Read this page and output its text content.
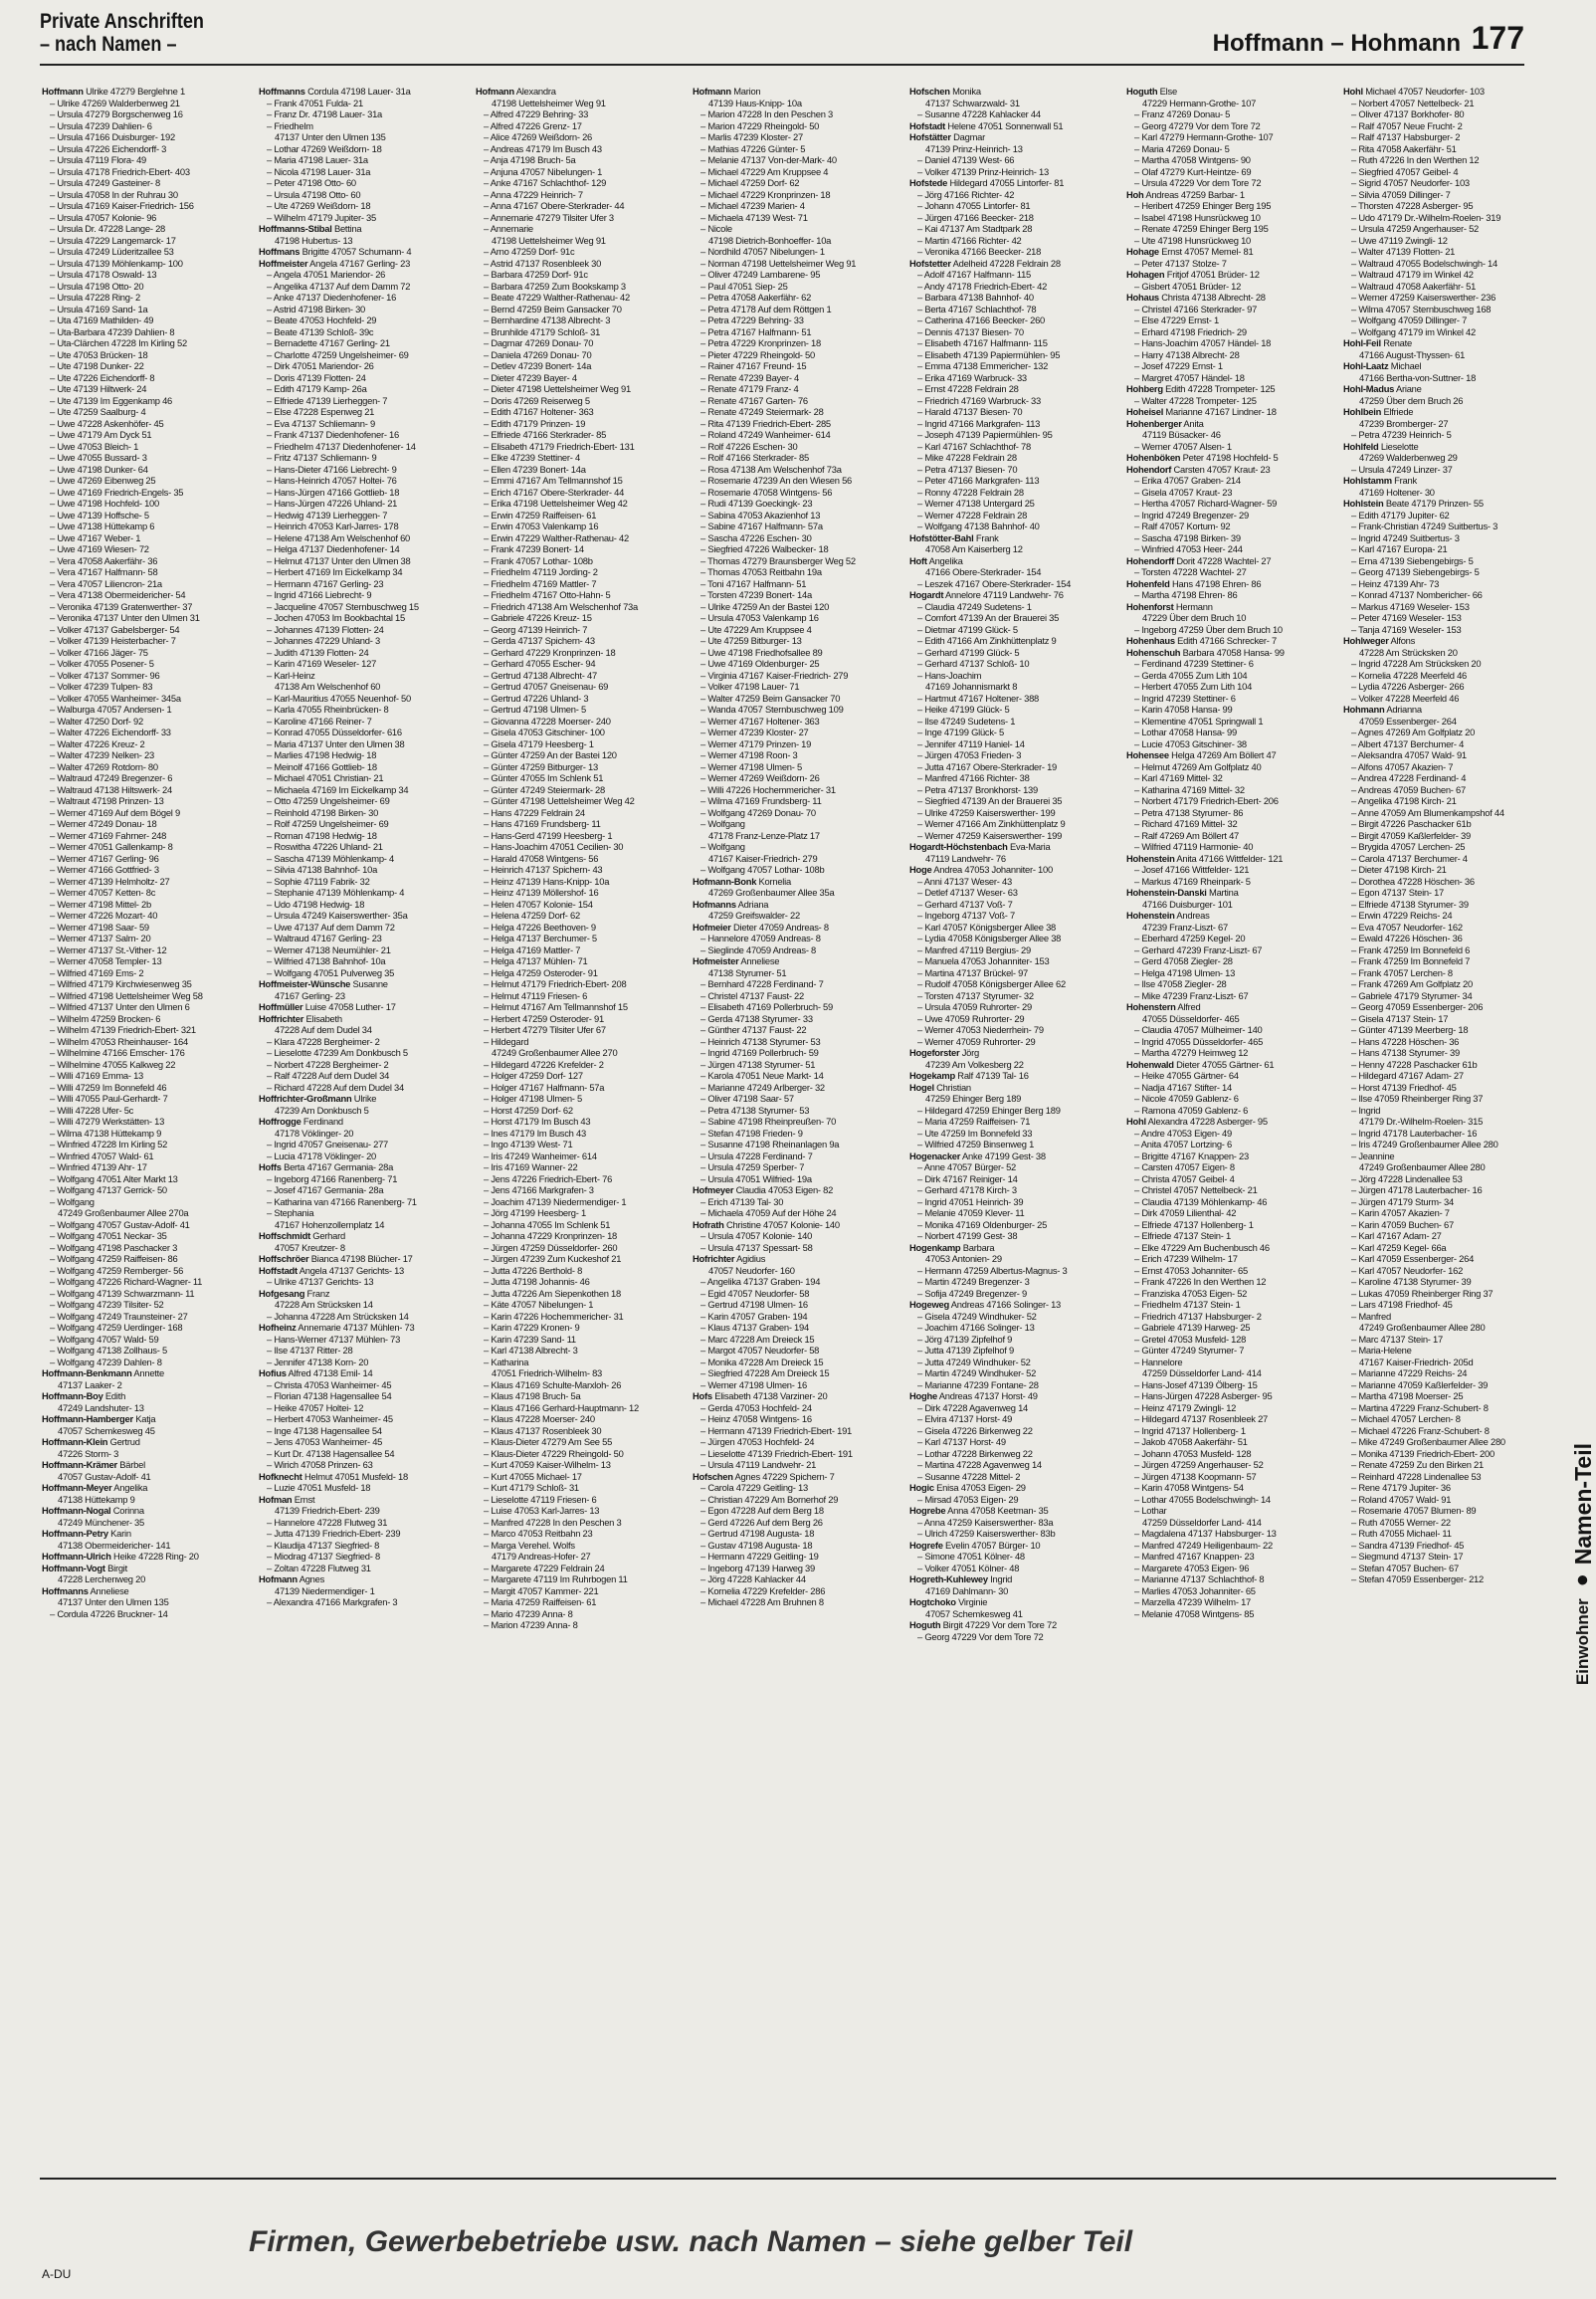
Private Anschriften
– nach Namen –	Hoffmann – Hohmann 177
Hoffmann Ulrike 47279 Berglehne 1
– Ulrike 47269 Walderbenweg 21
– Ursula 47279 Borgschenweg 16
– Ursula 47239 Dahlien- 6
– Ursula 47166 Duisburger- 192
– Ursula 47226 Eichendorff- 3
– Ursula 47119 Flora- 49
– Ursula 47178 Friedrich-Ebert- 403
– Ursula 47249 Gasteiner- 8
– Ursula 47058 In der Ruhrau 30
– Ursula 47169 Kaiser-Friedrich- 156
– Ursula 47057 Kolonie- 96
– Ursula Dr. 47228 Lange- 28
– Ursula 47229 Langemarck- 17
– Ursula 47249 Lüderitzallee 53
– Ursula 47139 Möhlenkamp- 100
– Ursula 47178 Oswald- 13
– Ursula 47198 Otto- 20
– Ursula 47228 Ring- 2
– Ursula 47169 Sand- 1a
– Uta 47169 Mathilden- 49
– Uta-Barbara 47239 Dahlien- 8
– Uta-Clärchen 47228 Im Kirling 52
– Ute 47053 Brücken- 18
– Ute 47198 Dunker- 22
– Ute 47226 Eichendorff- 8
– Ute 47139 Hiltwerk- 24
– Ute 47139 Im Eggenkamp 46
– Ute 47259 Saalburg- 4
– Uwe 47228 Askenhöfer- 45
– Uwe 47179 Am Dyck 51
– Uwe 47053 Bleich- 1
– Uwe 47055 Bussard- 3
– Uwe 47198 Dunker- 64
– Uwe 47269 Eibenweg 25
– Uwe 47169 Friedrich-Engels- 35
– Uwe 47198 Hochfeld- 100
– Uwe 47139 Hoffsche- 5
– Uwe 47138 Hüttekamp 6
– Uwe 47167 Weber- 1
– Uwe 47169 Wiesen- 72
– Vera 47058 Aakerfähr- 36
– Vera 47167 Halfmann- 58
– Vera 47057 Liliencron- 21a
– Vera 47138 Obermeidericher- 54
– Veronika 47139 Gratenwerther- 37
– Veronika 47137 Unter den Ulmen 31
– Volker 47137 Gabelsberger- 54
– Volker 47139 Heisterbacher- 7
– Volker 47166 Jäger- 75
– Volker 47055 Posener- 5
– Volker 47137 Sommer- 96
– Volker 47239 Tulpen- 83
– Volker 47055 Wanheimer- 345a
– Walburga 47057 Andersen- 1
– Walter 47250 Dorf- 92
– Walter 47226 Eichendorff- 33
– Walter 47226 Kreuz- 2
– Walter 47239 Nelken- 23
– Walter 47269 Rotdorn- 80
– Waltraud 47249 Bregenzer- 6
– Waltraud 47138 Hiltswerk- 24
– Waltraut 47198 Prinzen- 13
– Werner 47169 Auf dem Bögel 9
– Werner 47249 Donau- 18
– Werner 47169 Fahrner- 248
– Werner 47051 Gallenkamp- 8
– Werner 47167 Gerling- 96
– Werner 47166 Gottfried- 3
– Werner 47139 Helmholtz- 27
– Werner 47057 Ketten- 8c
– Werner 47198 Mittel- 2b
– Werner 47226 Mozart- 40
– Werner 47198 Saar- 59
– Werner 47137 Salm- 20
– Werner 47137 St.-Vither- 12
– Werner 47058 Templer- 13
– Wilfried 47169 Ems- 2
– Wilfried 47179 Kirchwiesenweg 35
– Wilfried 47198 Uettelsheimer Weg 58
– Wilfried 47137 Unter den Ulmen 6
– Wilhelm 47259 Brocken- 6
– Wilhelm 47139 Friedrich-Ebert- 321
– Wilhelm 47053 Rheinhauser- 164
– Wilhelmine 47166 Emscher- 176
– Wilhelmine 47055 Kalkweg 22
– Willi 47169 Emma- 13
– Willi 47259 Im Bonnefeld 46
– Willi 47055 Paul-Gerhardt- 7
– Willi 47228 Ufer- 5c
– Willi 47279 Werkstätten- 13
– Wilma 47138 Hüttekamp 9
– Winfried 47228 Im Kirling 52
– Winfried 47057 Wald- 61
– Winfried 47139 Ahr- 17
– Wolfgang 47051 Alter Markt 13
– Wolfgang 47137 Gerrick- 50
– Wolfgang
47249 Großenbaumer Allee 270a
– Wolfgang 47057 Gustav-Adolf- 41
– Wolfgang 47051 Neckar- 35
– Wolfgang 47198 Paschacker 3
– Wolfgang 47259 Raiffeisen- 86
– Wolfgang 47259 Remberger- 56
– Wolfgang 47226 Richard-Wagner- 11
– Wolfgang 47139 Schwarzmann- 11
– Wolfgang 47239 Tilsiter- 52
– Wolfgang 47249 Traunsteiner- 27
– Wolfgang 47259 Uerdinger- 168
– Wolfgang 47057 Wald- 59
– Wolfgang 47138 Zollhaus- 5
– Wolfgang 47239 Dahlen- 8
Hoffmann-Benkmann Annette
47137 Laaker- 2
Hoffmann-Boy Edith
47249 Landshuter- 13
Hoffmann-Hamberger Katja
47057 Schemkesweg 45
Hoffmann-Klein Gertrud
47226 Storm- 3
Hoffmann-Krämer Bärbel
47057 Gustav-Adolf- 41
Hoffmann-Meyer Angelika
47138 Hüttekamp 9
Hoffmann-Nogal Corinna
47249 Münchener- 35
Hoffmann-Petry Karin
47138 Obermeidericher- 141
Hoffmann-Ulrich Heike 47228 Ring- 20
Hoffmann-Vogt Birgit
47228 Lerchenweg 20
Hoffmanns Anneliese
47137 Unter den Ulmen 135
– Cordula 47226 Bruckner- 14
Hoffmanns Cordula 47198 Lauer- 31a
– Frank 47051 Fulda- 21
– Franz Dr. 47198 Lauer- 31a
– Friedhelm
47137 Unter den Ulmen 135
– Lothar 47269 Weißdorn- 18
– Maria 47198 Lauer- 31a
– Nicola 47198 Lauer- 31a
– Peter 47198 Otto- 60
– Ursula 47198 Otto- 60
– Ute 47269 Weißdorn- 18
– Wilhelm 47179 Jupiter- 35
Hoffmanns-Stibal Bettina
47198 Hubertus- 13
Hoffmans Brigitte 47057 Schumann- 4
Hoffmeister Angela 47167 Gerling- 23
– Angela 47051 Mariendor- 26
– Angelika 47137 Auf dem Damm 72
– Anke 47137 Diedenhofener- 16
– Astrid 47198 Birken- 30
– Beate 47053 Hochfeld- 29
– Beate 47139 Schloß- 39c
– Bernadette 47167 Gerling- 21
– Charlotte 47259 Ungelsheimer- 69
– Dirk 47051 Mariendor- 26
– Doris 47139 Flotten- 24
– Edith 47179 Kamp- 26a
– Elfriede 47139 Lierheggen- 7
– Else 47228 Espenweg 21
– Eva 47137 Schliemann- 9
– Frank 47137 Diedenhofener- 16
– Friedhelm 47137 Diedenhofener- 14
– Fritz 47137 Schliemann- 9
– Hans-Dieter 47166 Liebrecht- 9
– Hans-Heinrich 47057 Holtei- 76
– Hans-Jürgen 47166 Gottlieb- 18
– Hans-Jürgen 47226 Uhland- 21
– Hedwig 47139 Lierheggen- 7
– Heinrich 47053 Karl-Jarres- 178
– Helene 47138 Am Welschenhof 60
– Helga 47137 Diedenhofener- 14
– Helmut 47137 Unter den Ulmen 38
– Herbert 47169 Im Eickelkamp 34
– Hermann 47167 Gerling- 23
– Ingrid 47166 Liebrecht- 9
– Jacqueline 47057 Sternbuschweg 15
– Jochen 47053 Im Bookbachtal 15
– Johannes 47139 Flotten- 24
– Johannes 47229 Uhland- 3
– Judith 47139 Flotten- 24
– Karin 47169 Weseler- 127
– Karl-Heinz
47138 Am Welschenhof 60
– Karl-Mauritius 47055 Neuenhof- 50
– Karla 47055 Rheinbrücken- 8
– Karoline 47166 Reiner- 7
– Konrad 47055 Düsseldorfer- 616
– Maria 47137 Unter den Ulmen 38
– Marlies 47198 Hedwig- 18
– Meinolf 47166 Gottlieb- 18
– Michael 47051 Christian- 21
– Michaela 47169 Im Eickelkamp 34
– Otto 47259 Ungelsheimer- 69
– Reinhold 47198 Birken- 30
– Rolf 47259 Ungelsheimer- 69
– Roman 47198 Hedwig- 18
– Roswitha 47226 Uhland- 21
– Sascha 47139 Möhlenkamp- 4
– Silvia 47138 Bahnhof- 10a
– Sophie 47119 Fabrik- 32
– Stephanie 47139 Möhlenkamp- 4
– Udo 47198 Hedwig- 18
– Ursula 47249 Kaiserswerther- 35a
– Uwe 47137 Auf dem Damm 72
– Waltraud 47167 Gerling- 23
– Werner 47138 Neumühler- 21
– Wilfried 47138 Bahnhof- 10a
– Wolfgang 47051 Pulverweg 35
Hoffmeister-Wünsche Susanne
47167 Gerling- 23
Hoffmüller Luise 47058 Luther- 17
Hoffrichter Elisabeth
47228 Auf dem Dudel 34
– Klara 47228 Bergheimer- 2
– Lieselotte 47239 Am Donkbusch 5
– Norbert 47228 Bergheimer- 2
– Ralf 47228 Auf dem Dudel 34
– Richard 47228 Auf dem Dudel 34
Hoffrichter-Großmann Ulrike
47239 Am Donkbusch 5
Hoffrogge Ferdinand
47178 Vöklinger- 20
– Ingrid 47057 Gneisenau- 277
– Lucia 47178 Vöklinger- 20
Hoffs Berta 47167 Germania- 28a
– Ingeborg 47166 Ranenberg- 71
– Josef 47167 Germania- 28a
– Katharina van 47166 Ranenberg- 71
– Stephania
47167 Hohenzollernplatz 14
Hoffschmidt Gerhard
47057 Kreutzer- 8
Hoffschröer Bianca 47198 Blücher- 17
Hoffstadt Angela 47137 Gerichts- 13
– Ulrike 47137 Gerichts- 13
Hofgesang Franz
47228 Am Strücksken 14
– Johanna 47228 Am Strücksken 14
Hofheinz Annemarie 47137 Mühlen- 73
– Hans-Werner 47137 Mühlen- 73
– Ilse 47137 Ritter- 28
– Jennifer 47138 Korn- 20
Hofius Alfred 47138 Emil- 14
– Christa 47053 Wanheimer- 45
– Florian 47138 Hagensallee 54
– Heike 47057 Holtei- 12
– Herbert 47053 Wanheimer- 45
– Inge 47138 Hagensallee 54
– Jens 47053 Wanheimer- 45
– Kurt Dr. 47138 Hagensallee 54
– Wirich 47058 Prinzen- 63
Hofknecht Helmut 47051 Musfeld- 18
– Luzie 47051 Musfeld- 18
Hofman Ernst
47139 Friedrich-Ebert- 239
– Hannelore 47228 Flutweg 31
– Jutta 47139 Friedrich-Ebert- 239
– Klaudija 47137 Siegfried- 8
– Miodrag 47137 Siegfried- 8
– Zoltan 47228 Flutweg 31
Hofmann Agnes
47139 Niedermendiger- 1
– Alexandra 47166 Markgrafen- 3
Hofmann Alexandra
47198 Uettelsheimer Weg 91
– Alfred 47229 Behring- 33
– Alfred 47226 Grenz- 17
– Alice 47269 Weißdorn- 26
– Andreas 47179 Im Busch 43
– Anja 47198 Bruch- 5a
– Anjuna 47057 Nibelungen- 1
– Anke 47167 Schlachthof- 129
– Anna 47229 Heinrich- 7
– Anna 47167 Obere-Sterkrader- 44
– Annemarie 47279 Tilsiter Ufer 3
– Annemarie
47198 Uettelsheimer Weg 91
– Arno 47259 Dorf- 91c
– Astrid 47137 Rosenbleek 30
– Barbara 47259 Dorf- 91c
– Barbara 47259 Zum Bookskamp 3
– Beate 47229 Walther-Rathenau- 42
– Bernd 47259 Beim Gansacker 70
– Bernhardine 47138 Albrecht- 3
– Brunhilde 47179 Schloß- 31
– Dagmar 47269 Donau- 70
– Daniela 47269 Donau- 70
– Detlev 47239 Bonert- 14a
– Dieter 47239 Bayer- 4
– Dieter 47198 Uettelsheimer Weg 91
– Doris 47269 Reiserweg 5
– Edith 47167 Holtener- 363
– Edith 47179 Prinzen- 19
– Elfriede 47166 Sterkrader- 85
– Elisabeth 47179 Friedrich-Ebert- 131
– Elke 47239 Stettiner- 4
– Ellen 47239 Bonert- 14a
– Emmi 47167 Am Tellmannshof 15
– Erich 47167 Obere-Sterkrader- 44
– Erika 47198 Uettelsheimer Weg 42
– Erwin 47259 Raiffeisen- 61
– Erwin 47053 Valenkamp 16
– Erwin 47229 Walther-Rathenau- 42
– Frank 47239 Bonert- 14
– Frank 47057 Lothar- 108b
– Friedhelm 47119 Jording- 2
– Friedhelm 47169 Mattler- 7
– Friedhelm 47167 Otto-Hahn- 5
– Friedrich 47138 Am Welschenhof 73a
– Gabriele 47226 Kreuz- 15
– Georg 47139 Heinrich- 7
– Gerda 47137 Spichern- 43
– Gerhard 47229 Kronprinzen- 18
– Gerhard 47055 Escher- 94
– Gertrud 47138 Albrecht- 47
– Gertrud 47057 Gneisenau- 69
– Gertrud 47226 Uhland- 3
– Gertrud 47198 Ulmen- 5
– Giovanna 47228 Moerser- 240
– Gisela 47053 Gitschiner- 100
– Gisela 47179 Heesberg- 1
– Günter 47259 An der Bastei 120
– Günter 47259 Bitburger- 13
– Günter 47055 Im Schlenk 51
– Günter 47249 Steiermark- 28
– Günter 47198 Uettelsheimer Weg 42
– Hans 47229 Feldrain 24
– Hans 47169 Frundsberg- 11
– Hans-Gerd 47199 Heesberg- 1
– Hans-Joachim 47051 Cecilien- 30
– Harald 47058 Wintgens- 56
– Heinrich 47137 Spichern- 43
– Heinz 47139 Hans-Knipp- 10a
– Heinz 47139 Möllershof- 16
– Helen 47057 Kolonie- 154
– Helena 47259 Dorf- 62
– Helga 47226 Beethoven- 9
– Helga 47137 Berchumer- 5
– Helga 47169 Mattler- 7
– Helga 47137 Mühlen- 71
– Helga 47259 Osteroder- 91
– Helmut 47179 Friedrich-Ebert- 208
– Helmut 47119 Friesen- 6
– Helmut 47167 Am Tellmannshof 15
– Herbert 47259 Osteroder- 91
– Herbert 47279 Tilsiter Ufer 67
– Hildegard
47249 Großenbaumer Allee 270
– Hildegard 47226 Krefelder- 2
– Holger 47259 Dorf- 127
– Holger 47167 Halfmann- 57a
– Holger 47198 Ulmen- 5
– Horst 47259 Dorf- 62
– Horst 47179 Im Busch 43
– Ines 47179 Im Busch 43
– Ingo 47139 West- 71
– Iris 47249 Wanheimer- 614
– Iris 47169 Wanner- 22
– Jens 47226 Friedrich-Ebert- 76
– Jens 47166 Markgrafen- 3
– Joachim 47139 Niedermendiger- 1
– Jörg 47199 Heesberg- 1
– Johanna 47055 Im Schlenk 51
– Johanna 47229 Kronprinzen- 18
– Jürgen 47259 Düsseldorfer- 260
– Jürgen 47239 Zum Kuckeshof 21
– Jutta 47226 Berthold- 8
– Jutta 47198 Johannis- 46
– Jutta 47226 Am Siepenkothen 18
– Käte 47057 Nibelungen- 1
– Karin 47226 Hochemmericher- 31
– Karin 47229 Kronen- 9
– Karin 47239 Sand- 11
– Karl 47138 Albrecht- 3
– Katharina
47051 Friedrich-Wilhelm- 83
– Klaus 47169 Schulte-Marxloh- 26
– Klaus 47198 Bruch- 5a
– Klaus 47166 Gerhard-Hauptmann- 12
– Klaus 47228 Moerser- 240
– Klaus 47137 Rosenbleek 30
– Klaus-Dieter 47279 Am See 55
– Klaus-Dieter 47229 Rheingold- 50
– Kurt 47059 Kaiser-Wilhelm- 13
– Kurt 47055 Michael- 17
– Kurt 47179 Schloß- 31
– Lieselotte 47119 Friesen- 6
– Luise 47053 Karl-Jarres- 13
– Manfred 47228 In den Peschen 3
– Marco 47053 Reitbahn 23
– Marga Verehel. Wolfs
47179 Andreas-Hofer- 27
– Margarete 47229 Feldrain 24
– Margarete 47119 Im Ruhrbogen 11
– Margit 47057 Kammer- 221
– Maria 47259 Raiffeisen- 61
– Mario 47239 Anna- 8
– Marion 47239 Anna- 8
Hofmann Marion
47139 Haus-Knipp- 10a
– Marion 47228 In den Peschen 3
– Marion 47229 Rheingold- 50
– Marlis 47239 Kloster- 27
– Mathias 47226 Günter- 5
– Melanie 47137 Von-der-Mark- 40
– Michael 47229 Am Kruppsee 4
– Michael 47259 Dorf- 62
– Michael 47229 Kronprinzen- 18
– Michael 47239 Marien- 4
– Michaela 47139 West- 71
– Nicole
47198 Dietrich-Bonhoeffer- 10a
– Nordhild 47057 Nibelungen- 1
– Norman 47198 Uettelsheimer Weg 91
– Oliver 47249 Lambarene- 95
– Paul 47051 Siep- 25
– Petra 47058 Aakerfähr- 62
– Petra 47178 Auf dem Röttgen 1
– Petra 47229 Behring- 33
– Petra 47167 Halfmann- 51
– Petra 47229 Kronprinzen- 18
– Pieter 47229 Rheingold- 50
– Rainer 47167 Freund- 15
– Renate 47239 Bayer- 4
– Renate 47179 Franz- 4
– Renate 47167 Garten- 76
– Renate 47249 Steiermark- 28
– Rita 47139 Friedrich-Ebert- 285
– Roland 47249 Wanheimer- 614
– Rolf 47226 Eschen- 30
– Rolf 47166 Sterkrader- 85
– Rosa 47138 Am Welschenhof 73a
– Rosemarie 47239 An den Wiesen 56
– Rosemarie 47058 Wintgens- 56
– Rudi 47139 Goeckingk- 23
– Sabina 47053 Akazienhof 13
– Sabine 47167 Halfmann- 57a
– Sascha 47226 Eschen- 30
– Siegfried 47226 Walbecker- 18
– Thomas 47279 Braunsberger Weg 52
– Thomas 47053 Reitbahn 19a
– Toni 47167 Halfmann- 51
– Torsten 47239 Bonert- 14a
– Ulrike 47259 An der Bastei 120
– Ursula 47053 Valenkamp 16
– Ute 47229 Am Kruppsee 4
– Ute 47259 Bitburger- 13
– Uwe 47198 Friedhofsallee 89
– Uwe 47169 Oldenburger- 25
– Virginia 47167 Kaiser-Friedrich- 279
– Volker 47198 Lauer- 71
– Walter 47259 Beim Gansacker 70
– Wanda 47057 Sternbuschweg 109
– Werner 47167 Holtener- 363
– Werner 47239 Kloster- 27
– Werner 47179 Prinzen- 19
– Werner 47198 Roon- 3
– Werner 47198 Ulmen- 5
– Werner 47269 Weißdorn- 26
– Willi 47226 Hochemmericher- 31
– Wilma 47169 Frundsberg- 11
– Wolfgang 47269 Donau- 70
– Wolfgang
47178 Franz-Lenze-Platz 17
– Wolfgang
47167 Kaiser-Friedrich- 279
– Wolfgang 47057 Lothar- 108b
Hofmann-Bonk Kornelia
47269 Großenbaumer Allee 35a
Hofmanns Adriana
47259 Greifswalder- 22
Hofmeier Dieter 47059 Andreas- 8
– Hannelore 47059 Andreas- 8
– Sieglinde 47059 Andreas- 8
Hofmeister Anneliese
47138 Styrumer- 51
– Bernhard 47228 Ferdinand- 7
– Christel 47137 Faust- 22
– Elisabeth 47169 Pollerbruch- 59
– Gerda 47138 Styrumer- 33
– Günther 47137 Faust- 22
– Heinrich 47138 Styrumer- 53
– Ingrid 47169 Pollerbruch- 59
– Jürgen 47138 Styrumer- 51
– Karola 47051 Neue Markt- 14
– Marianne 47249 Arlberger- 32
– Oliver 47198 Saar- 57
– Petra 47138 Styrumer- 53
– Sabine 47198 Rheinpreußen- 70
– Stefan 47198 Frieden- 9
– Susanne 47198 Rheinanlagen 9a
– Ursula 47228 Ferdinand- 7
– Ursula 47259 Sperber- 7
– Ursula 47051 Wilfried- 19a
Hofmeyer Claudia 47053 Eigen- 82
– Erich 47139 Tal- 30
– Michaela 47059 Auf der Höhe 24
Hofrath Christine 47057 Kolonie- 140
– Ursula 47057 Kolonie- 140
– Ursula 47137 Spessart- 58
Hofrichter Agidius
47057 Neudorfer- 160
– Angelika 47137 Graben- 194
– Egid 47057 Neudorfer- 58
– Gertrud 47198 Ulmen- 16
– Karin 47057 Graben- 194
– Klaus 47137 Graben- 194
– Marc 47228 Am Dreieck 15
– Margot 47057 Neudorfer- 58
– Monika 47228 Am Dreieck 15
– Siegfried 47228 Am Dreieck 15
– Werner 47198 Ulmen- 16
Hofs Elisabeth 47138 Varziner- 20
– Gerda 47053 Hochfeld- 24
– Heinz 47058 Wintgens- 16
– Hermann 47139 Friedrich-Ebert- 191
– Jürgen 47053 Hochfeld- 24
– Lieselotte 47139 Friedrich-Ebert- 191
– Ursula 47119 Landwehr- 21
Hofschen Agnes 47229 Spichern- 7
– Carola 47229 Geitling- 13
– Christian 47229 Am Bornerhof 29
– Egon 47228 Auf dem Berg 18
– Gerd 47226 Auf dem Berg 26
– Gertrud 47198 Augusta- 18
– Gustav 47198 Augusta- 18
– Hermann 47229 Geitling- 19
– Ingeborg 47139 Harweg 39
– Jörg 47228 Kahlacker 44
– Kornelia 47229 Krefelder- 286
– Michael 47228 Am Bruhnen 8
Hofschen Monika
47137 Schwarzwald- 31
– Susanne 47228 Kahlacker 44
Hofstadt Helene 47051 Sonnenwall 51
Hofstätter Dagmar
47139 Prinz-Heinrich- 13
– Daniel 47139 West- 66
– Volker 47139 Prinz-Heinrich- 13
Hofstede Hildegard 47055 Lintorfer- 81
– Jörg 47166 Richter- 42
– Johann 47055 Lintorfer- 81
– Jürgen 47166 Beecker- 218
– Kai 47137 Am Stadtpark 28
– Martin 47166 Richter- 42
– Veronika 47166 Beecker- 218
Hofstetter Adelheid 47228 Feldrain 28
– Adolf 47167 Halfmann- 115
– Andy 47178 Friedrich-Ebert- 42
– Barbara 47138 Bahnhof- 40
– Berta 47167 Schlachthof- 78
– Catherina 47166 Beecker- 260
– Dennis 47137 Biesen- 70
– Elisabeth 47167 Halfmann- 115
– Elisabeth 47139 Papiermühlen- 95
– Emma 47138 Emmericher- 132
– Erika 47169 Warbruck- 33
– Ernst 47228 Feldrain 28
– Friedrich 47169 Warbruck- 33
– Harald 47137 Biesen- 70
– Ingrid 47166 Markgrafen- 113
– Joseph 47139 Papiermühlen- 95
– Karl 47167 Schlachthof- 78
– Mike 47228 Feldrain 28
– Petra 47137 Biesen- 70
– Peter 47166 Markgrafen- 113
– Ronny 47228 Feldrain 28
– Werner 47138 Untergard 25
– Werner 47228 Feldrain 28
– Wolfgang 47138 Bahnhof- 40
Hofstötter-Bahl Frank
47058 Am Kaiserberg 12
Hoft Angelika
47166 Obere-Sterkrader- 154
– Leszek 47167 Obere-Sterkrader- 154
Hogardt Annelore 47119 Landwehr- 76
– Claudia 47249 Sudetens- 1
– Comfort 47139 An der Brauerei 35
– Dietmar 47199 Glück- 5
– Edith 47166 Am Zinkhüttenplatz 9
– Gerhard 47199 Glück- 5
– Gerhard 47137 Schloß- 10
– Hans-Joachim
47169 Johannismarkt 8
– Hartmut 47167 Holtener- 388
– Heike 47199 Glück- 5
– Ilse 47249 Sudetens- 1
– Inge 47199 Glück- 5
– Jennifer 47119 Haniel- 14
– Jürgen 47053 Frieden- 3
– Jutta 47167 Obere-Sterkrader- 19
– Manfred 47166 Richter- 38
– Petra 47137 Bronkhorst- 139
– Siegfried 47139 An der Brauerei 35
– Ulrike 47259 Kaiserswerther- 199
– Werner 47166 Am Zinkhüttenplatz 9
– Werner 47259 Kaiserswerther- 199
Hogardt-Höchstenbach Eva-Maria
47119 Landwehr- 76
Hoge Andrea 47053 Johanniter- 100
– Anni 47137 Weser- 43
– Detlef 47137 Weser- 63
– Gerhard 47137 Voß- 7
– Ingeborg 47137 Voß- 7
– Karl 47057 Königsberger Allee 38
– Lydia 47058 Königsberger Allee 38
– Manfred 47119 Bergius- 29
– Manuela 47053 Johanniter- 153
– Martina 47137 Brückel- 97
– Rudolf 47058 Königsberger Allee 62
– Torsten 47137 Styrumer- 32
– Ursula 47059 Ruhrorter- 29
– Uwe 47059 Ruhrorter- 29
– Werner 47053 Niederrhein- 79
– Werner 47059 Ruhrorter- 29
Hogeforster Jörg
47239 Am Volkesberg 22
Hogekamp Ralf 47139 Tal- 16
Hogel Christian
47259 Ehinger Berg 189
– Hildegard 47259 Ehinger Berg 189
– Maria 47259 Raiffeisen- 71
– Ute 47259 Im Bonnefeld 33
– Wilfried 47259 Binsenweg 1
Hogenacker Anke 47199 Gest- 38
– Anne 47057 Bürger- 52
– Dirk 47167 Reiniger- 14
– Gerhard 47178 Kirch- 3
– Ingrid 47051 Heinrich- 39
– Melanie 47059 Klever- 11
– Monika 47169 Oldenburger- 25
– Norbert 47199 Gest- 38
Hogenkamp Barbara
47053 Antonien- 29
– Hermann 47259 Albertus-Magnus- 3
– Martin 47249 Bregenzer- 3
– Sofija 47249 Bregenzer- 9
Hogeweg Andreas 47166 Solinger- 13
– Gisela 47249 Windhuker- 52
– Joachim 47166 Solinger- 13
– Jörg 47139 Zipfelhof 9
– Jutta 47139 Zipfelhof 9
– Jutta 47249 Windhuker- 52
– Martin 47249 Windhuker- 52
– Marianne 47239 Fontane- 28
Hoghe Andreas 47137 Horst- 49
– Dirk 47228 Agavenweg 14
– Elvira 47137 Horst- 49
– Gisela 47226 Birkenweg 22
– Karl 47137 Horst- 49
– Lothar 47228 Birkenweg 22
– Martina 47228 Agavenweg 14
– Susanne 47228 Mittel- 2
Hogic Enisa 47053 Eigen- 29
– Mirsad 47053 Eigen- 29
Hogrebe Anna 47058 Keetman- 35
– Anna 47259 Kaiserswerther- 83a
– Ulrich 47259 Kaiserswerther- 83b
Hogrefe Evelin 47057 Bürger- 10
– Simone 47051 Kölner- 48
– Volker 47051 Kölner- 48
Hogreth-Kuhlewey Ingrid
47169 Dahlmann- 30
Hogtchoko Virginie
47057 Schemkesweg 41
Hoguth Birgit 47229 Vor dem Tore 72
– Georg 47229 Vor dem Tore 72
Hoguth Else
47229 Hermann-Grothe- 107
– Franz 47269 Donau- 5
– Georg 47279 Vor dem Tore 72
– Karl 47279 Hermann-Grothe- 107
– Maria 47269 Donau- 5
– Martha 47058 Wintgens- 90
– Olaf 47279 Kurt-Heintze- 69
– Ursula 47229 Vor dem Tore 72
Hoh Andreas 47259 Barbar- 1
– Heribert 47259 Ehinger Berg 195
– Isabel 47198 Hunsrückweg 10
– Renate 47259 Ehinger Berg 195
– Ute 47198 Hunsrückweg 10
Hohage Ernst 47057 Memel- 81
– Peter 47137 Stolze- 7
Hohagen Fritjof 47051 Brüder- 12
– Gisbert 47051 Brüder- 12
Hohaus Christa 47138 Albrecht- 28
– Christel 47166 Sterkrader- 97
– Else 47229 Ernst- 1
– Erhard 47198 Friedrich- 29
– Hans-Joachim 47057 Händel- 18
– Harry 47138 Albrecht- 28
– Josef 47229 Ernst- 1
– Margret 47057 Händel- 18
Hohberg Edith 47228 Trompeter- 125
– Walter 47228 Trompeter- 125
Hoheisel Marianne 47167 Lindner- 18
Hohenberger Anita
47119 Büsacker- 46
– Werner 47057 Alsen- 1
Hohenböken Peter 47198 Hochfeld- 5
Hohendorf Carsten 47057 Kraut- 23
– Erika 47057 Graben- 214
– Gisela 47057 Kraut- 23
– Hertha 47057 Richard-Wagner- 59
– Ingrid 47249 Bregenzer- 29
– Ralf 47057 Kortum- 92
– Sascha 47198 Birken- 39
– Winfried 47053 Heer- 244
Hohendorff Dorit 47228 Wachtel- 27
– Torsten 47228 Wachtel- 27
Hohenfeld Hans 47198 Ehren- 86
– Martha 47198 Ehren- 86
Hohenforst Hermann
47229 Über dem Bruch 10
– Ingeborg 47259 Über dem Bruch 10
Hohenhaus Edith 47166 Schrecker- 7
Hohenschuh Barbara 47058 Hansa- 99
– Ferdinand 47239 Stettiner- 6
– Gerda 47055 Zum Lith 104
– Herbert 47055 Zum Lith 104
– Ingrid 47239 Stettiner- 6
– Karin 47058 Hansa- 99
– Klementine 47051 Springwall 1
– Lothar 47058 Hansa- 99
– Lucie 47053 Gitschiner- 38
Hohensee Helga 47269 Am Böllert 47
– Helmut 47269 Am Golfplatz 40
– Karl 47169 Mittel- 32
– Katharina 47169 Mittel- 32
– Norbert 47179 Friedrich-Ebert- 206
– Petra 47138 Styrumer- 86
– Richard 47169 Mittel- 32
– Ralf 47269 Am Böllert 47
– Wilfried 47119 Harmonie- 40
Hohenstein Anita 47166 Wittfelder- 121
– Josef 47166 Wittfelder- 121
– Markus 47169 Rheinpark- 5
Hohenstein-Danski Martina
47166 Duisburger- 101
Hohenstein Andreas
47239 Franz-Liszt- 67
– Eberhard 47259 Kegel- 20
– Gerhard 47239 Franz-Liszt- 67
– Gerd 47058 Ziegler- 28
– Helga 47198 Ulmen- 13
– Ilse 47058 Ziegler- 28
– Mike 47239 Franz-Liszt- 67
Hohenstern Alfred
47055 Düsseldorfer- 465
– Claudia 47057 Mülheimer- 140
– Ingrid 47055 Düsseldorfer- 465
– Martha 47279 Heimweg 12
Hohenwald Dieter 47055 Gärtner- 61
– Heike 47055 Gärtner- 64
– Nadja 47167 Stifter- 14
– Nicole 47059 Gablenz- 6
– Ramona 47059 Gablenz- 6
Hohl Alexandra 47228 Asberger- 95
– Andre 47053 Eigen- 49
– Anita 47057 Lortzing- 6
– Brigitte 47167 Knappen- 23
– Carsten 47057 Eigen- 8
– Christa 47057 Geibel- 4
– Christel 47057 Nettelbeck- 21
– Claudia 47139 Möhlenkamp- 46
– Dirk 47059 Lilienthal- 42
– Elfriede 47137 Hollenberg- 1
– Elfriede 47137 Stein- 1
– Elke 47229 Am Buchenbusch 46
– Erich 47239 Wilhelm- 17
– Ernst 47053 Johanniter- 65
– Frank 47226 In den Werthen 12
– Franziska 47053 Eigen- 52
– Friedhelm 47137 Stein- 1
– Friedrich 47137 Habsburger- 2
– Gabriele 47139 Harweg- 25
– Gretel 47053 Musfeld- 128
– Günter 47249 Styrumer- 7
– Hannelore
47259 Düsseldorfer Land- 414
– Hans-Josef 47139 Ölberg- 15
– Hans-Jürgen 47228 Asberger- 95
– Heinz 47179 Zwingli- 12
– Hildegard 47137 Rosenbleek 27
– Ingrid 47137 Hollenberg- 1
– Jakob 47058 Aakerfähr- 51
– Johann 47053 Musfeld- 128
– Jürgen 47259 Angerhauser- 52
– Jürgen 47138 Koopmann- 57
– Karin 47058 Wintgens- 54
– Lothar 47055 Bodelschwingh- 14
– Lothar
47259 Düsseldorfer Land- 414
– Magdalena 47137 Habsburger- 13
– Manfred 47249 Heiligenbaum- 22
– Manfred 47167 Knappen- 23
– Margarete 47053 Eigen- 96
– Marianne 47137 Schlachthof- 8
– Marlies 47053 Johanniter- 65
– Marzella 47239 Wilhelm- 17
– Melanie 47058 Wintgens- 85
Hohl Michael 47057 Neudorfer- 103
– Norbert 47057 Nettelbeck- 21
– Oliver 47137 Borkhofer- 80
– Ralf 47057 Neue Frucht- 2
– Ralf 47137 Habsburger- 2
– Rita 47058 Aakerfähr- 51
– Ruth 47226 In den Werthen 12
– Siegfried 47057 Geibel- 4
– Sigrid 47057 Neudorfer- 103
– Silvia 47059 Dillinger- 7
– Thorsten 47228 Asberger- 95
– Udo 47179 Dr.-Wilhelm-Roelen- 319
– Ursula 47259 Angerhauser- 52
– Uwe 47119 Zwingli- 12
– Walter 47139 Flotten- 21
– Waltraud 47055 Bodelschwingh- 14
– Waltraud 47179 im Winkel 42
– Waltraud 47058 Aakerfähr- 51
– Werner 47259 Kaiserswerther- 236
– Wilma 47057 Sternbuschweg 168
– Wolfgang 47059 Dillinger- 7
– Wolfgang 47179 im Winkel 42
Hohl-Feil Renate
47166 August-Thyssen- 61
Hohl-Laatz Michael
47166 Bertha-von-Suttner- 18
Hohl-Madus Ariane
47259 Über dem Bruch 26
Hohlbein Elfriede
47239 Bromberger- 27
– Petra 47239 Heinrich- 5
Hohlfeld Lieselotte
47269 Walderbenweg 29
– Ursula 47249 Linzer- 37
Hohlstamm Frank
47169 Holtener- 30
Hohlstein Beate 47179 Prinzen- 55
– Edith 47179 Jupiter- 62
– Frank-Christian 47249 Suitbertus- 3
– Ingrid 47249 Suitbertus- 3
– Karl 47167 Europa- 21
– Erna 47139 Siebengebirgs- 5
– Georg 47139 Siebengebirgs- 5
– Heinz 47139 Ahr- 73
– Konrad 47137 Nombericher- 66
– Markus 47169 Weseler- 153
– Peter 47169 Weseler- 153
– Tanja 47169 Weseler- 153
Hohlweger Alfons
47228 Am Strücksken 20
– Ingrid 47228 Am Strücksken 20
– Kornelia 47228 Meerfeld 46
– Lydia 47226 Asberger- 266
– Volker 47228 Meerfeld 46
Hohmann Adrianna
47059 Essenberger- 264
– Agnes 47269 Am Golfplatz 20
– Albert 47137 Berchumer- 4
– Aleksandra 47057 Wald- 91
– Alfons 47057 Akazien- 7
– Andrea 47228 Ferdinand- 4
– Andreas 47059 Buchen- 67
– Angelika 47198 Kirch- 21
– Anne 47059 Am Blumenkampshof 44
– Birgit 47226 Paschacker 61b
– Birgit 47059 Kaßlerfelder- 39
– Brygida 47057 Lerchen- 25
– Carola 47137 Berchumer- 4
– Dieter 47198 Kirch- 21
– Dorothea 47228 Höschen- 36
– Egon 47137 Stein- 17
– Elfriede 47138 Styrumer- 39
– Erwin 47229 Reichs- 24
– Eva 47057 Neudorfer- 162
– Ewald 47226 Höschen- 36
– Frank 47259 Im Bonnefeld 6
– Frank 47259 Im Bonnefeld 7
– Frank 47057 Lerchen- 8
– Frank 47269 Am Golfplatz 20
– Gabriele 47179 Styrumer- 34
– Georg 47059 Essenberger- 206
– Gisela 47137 Stein- 17
– Günter 47139 Meerberg- 18
– Hans 47228 Höschen- 36
– Hans 47138 Styrumer- 39
– Henny 47228 Paschacker 61b
– Hildegard 47167 Adam- 27
– Horst 47139 Friedhof- 45
– Ilse 47059 Rheinberger Ring 37
– Ingrid
47179 Dr.-Wilhelm-Roelen- 315
– Ingrid 47178 Lauterbacher- 16
– Iris 47249 Großenbaumer Allee 280
– Jeannine
47249 Großenbaumer Allee 280
– Jörg 47228 Lindenallee 53
– Jürgen 47178 Lauterbacher- 16
– Jürgen 47179 Sturm- 34
– Karin 47057 Akazien- 7
– Karin 47059 Buchen- 67
– Karl 47167 Adam- 27
– Karl 47259 Kegel- 66a
– Karl 47059 Essenberger- 264
– Karl 47057 Neudorfer- 162
– Karoline 47138 Styrumer- 39
– Lukas 47059 Rheinberger Ring 37
– Lars 47198 Friedhof- 45
– Manfred
47249 Großenbaumer Allee 280
– Marc 47137 Stein- 17
– Maria-Helene
47167 Kaiser-Friedrich- 205d
– Marianne 47229 Reichs- 24
– Marianne 47059 Kaßlerfelder- 39
– Martha 47198 Moerser- 25
– Martina 47229 Franz-Schubert- 8
– Michael 47057 Lerchen- 8
– Michael 47226 Franz-Schubert- 8
– Mike 47249 Großenbaumer Allee 280
– Monika 47139 Friedrich-Ebert- 200
– Renate 47259 Zu den Birken 21
– Reinhard 47228 Lindenallee 53
– Rene 47179 Jupiter- 36
– Roland 47057 Wald- 91
– Rosemarie 47057 Blumen- 89
– Ruth 47055 Werner- 22
– Ruth 47055 Michael- 11
– Sandra 47139 Friedhof- 45
– Siegmund 47137 Stein- 17
– Stefan 47057 Buchen- 67
– Stefan 47059 Essenberger- 212
Einwohner ● Namen-Teil
Firmen, Gewerbebetriebe usw. nach Namen – siehe gelber Teil
A-DU
